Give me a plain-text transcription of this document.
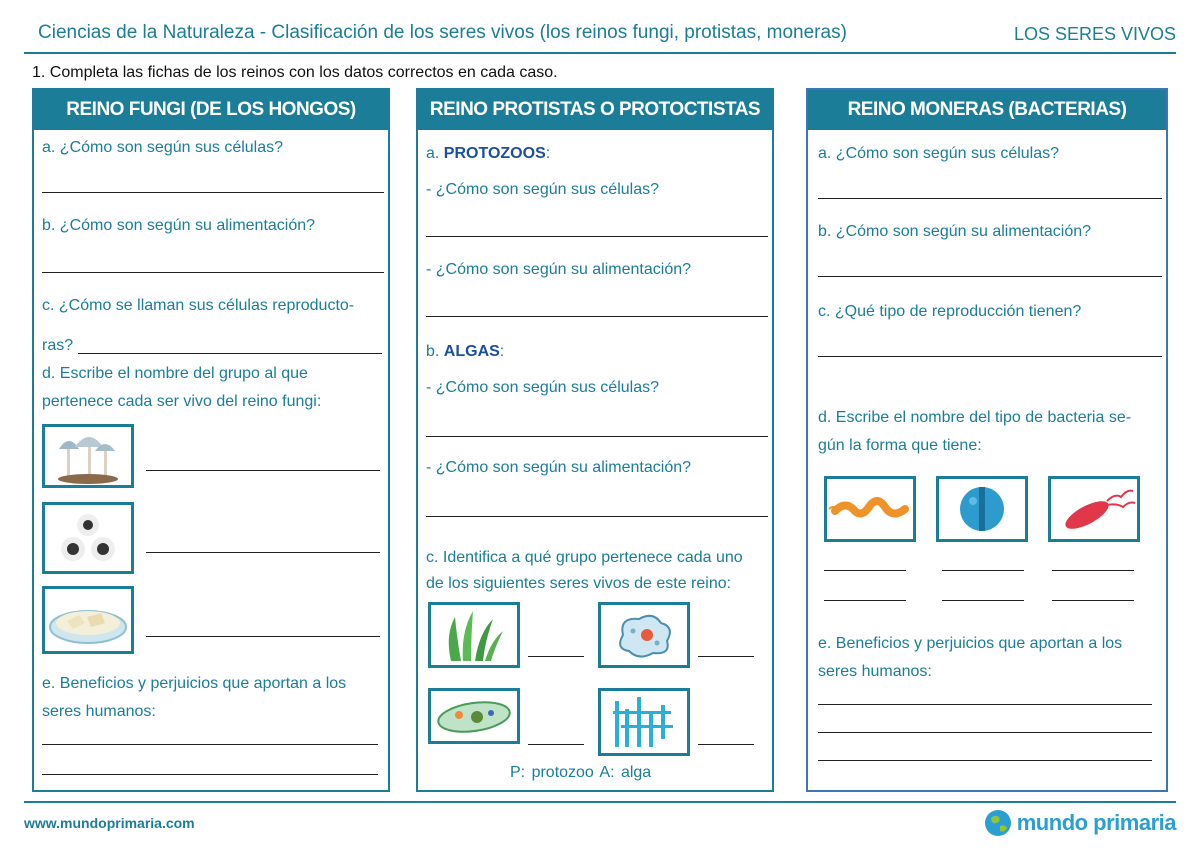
Ciencias de la Naturaleza - Clasificación de los seres vivos (los reinos fungi, protistas, moneras)	LOS SERES VIVOS
1. Completa las fichas de los reinos con los datos correctos en cada caso.
REINO FUNGI (DE LOS HONGOS)
a. ¿Cómo son según sus células?
b. ¿Cómo son según su alimentación?
c. ¿Cómo se llaman sus células reproducto-
ras?
d. Escribe el nombre del grupo al que
pertenece cada ser vivo del reino fungi:
e. Beneficios y perjuicios que aportan a los
seres humanos:
REINO PROTISTAS O PROTOCTISTAS
a. PROTOZOOS:
- ¿Cómo son según sus células?
- ¿Cómo son según su alimentación?
b. ALGAS:
- ¿Cómo son según sus células?
- ¿Cómo son según su alimentación?
c. Identifica a qué grupo pertenece cada uno
de los siguientes seres vivos de este reino:
P: protozoo A: alga
REINO MONERAS (BACTERIAS)
a. ¿Cómo son según sus células?
b. ¿Cómo son según su alimentación?
c. ¿Qué tipo de reproducción tienen?
d. Escribe el nombre del tipo de bacteria se-
gún la forma que tiene:
e. Beneficios y perjuicios que aportan a los
seres humanos:
www.mundoprimaria.com	mundo primaria
